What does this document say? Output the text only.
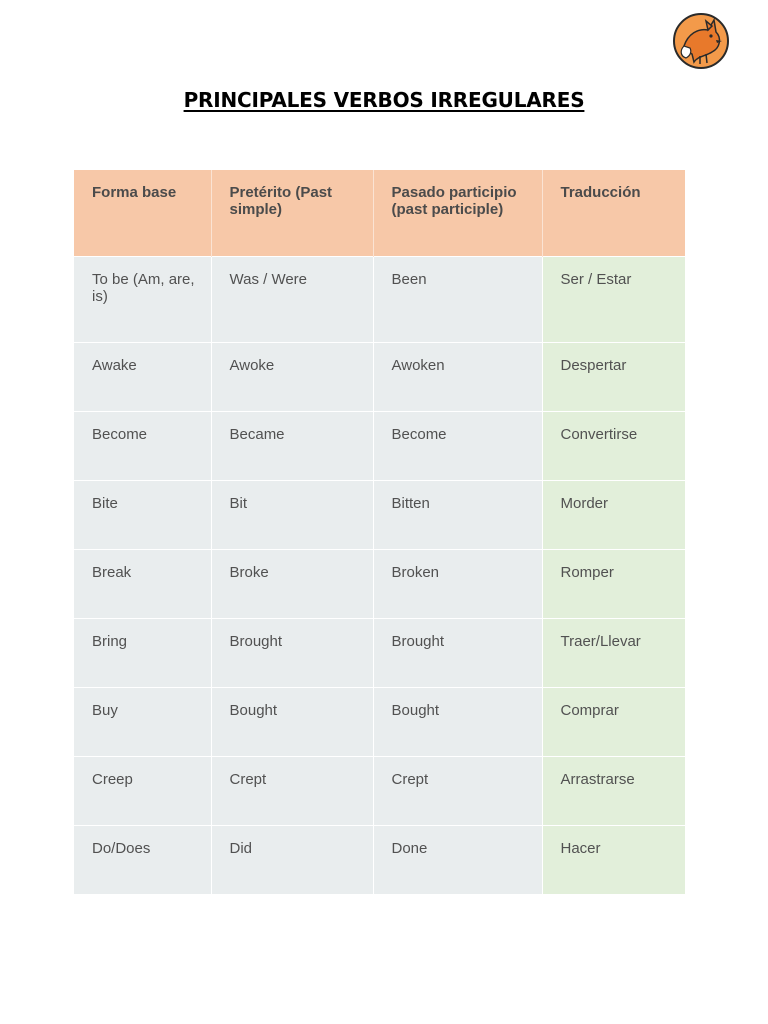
PRINCIPALES VERBOS IRREGULARES
Forma base	Pretérito (Past simple)	Pasado participio (past participle)	Traducción
To be (Am, are, is)	Was / Were	Been	Ser / Estar
Awake	Awoke	Awoken	Despertar
Become	Became	Become	Convertirse
Bite	Bit	Bitten	Morder
Break	Broke	Broken	Romper
Bring	Brought	Brought	Traer/Llevar
Buy	Bought	Bought	Comprar
Creep	Crept	Crept	Arrastrarse
Do/Does	Did	Done	Hacer
